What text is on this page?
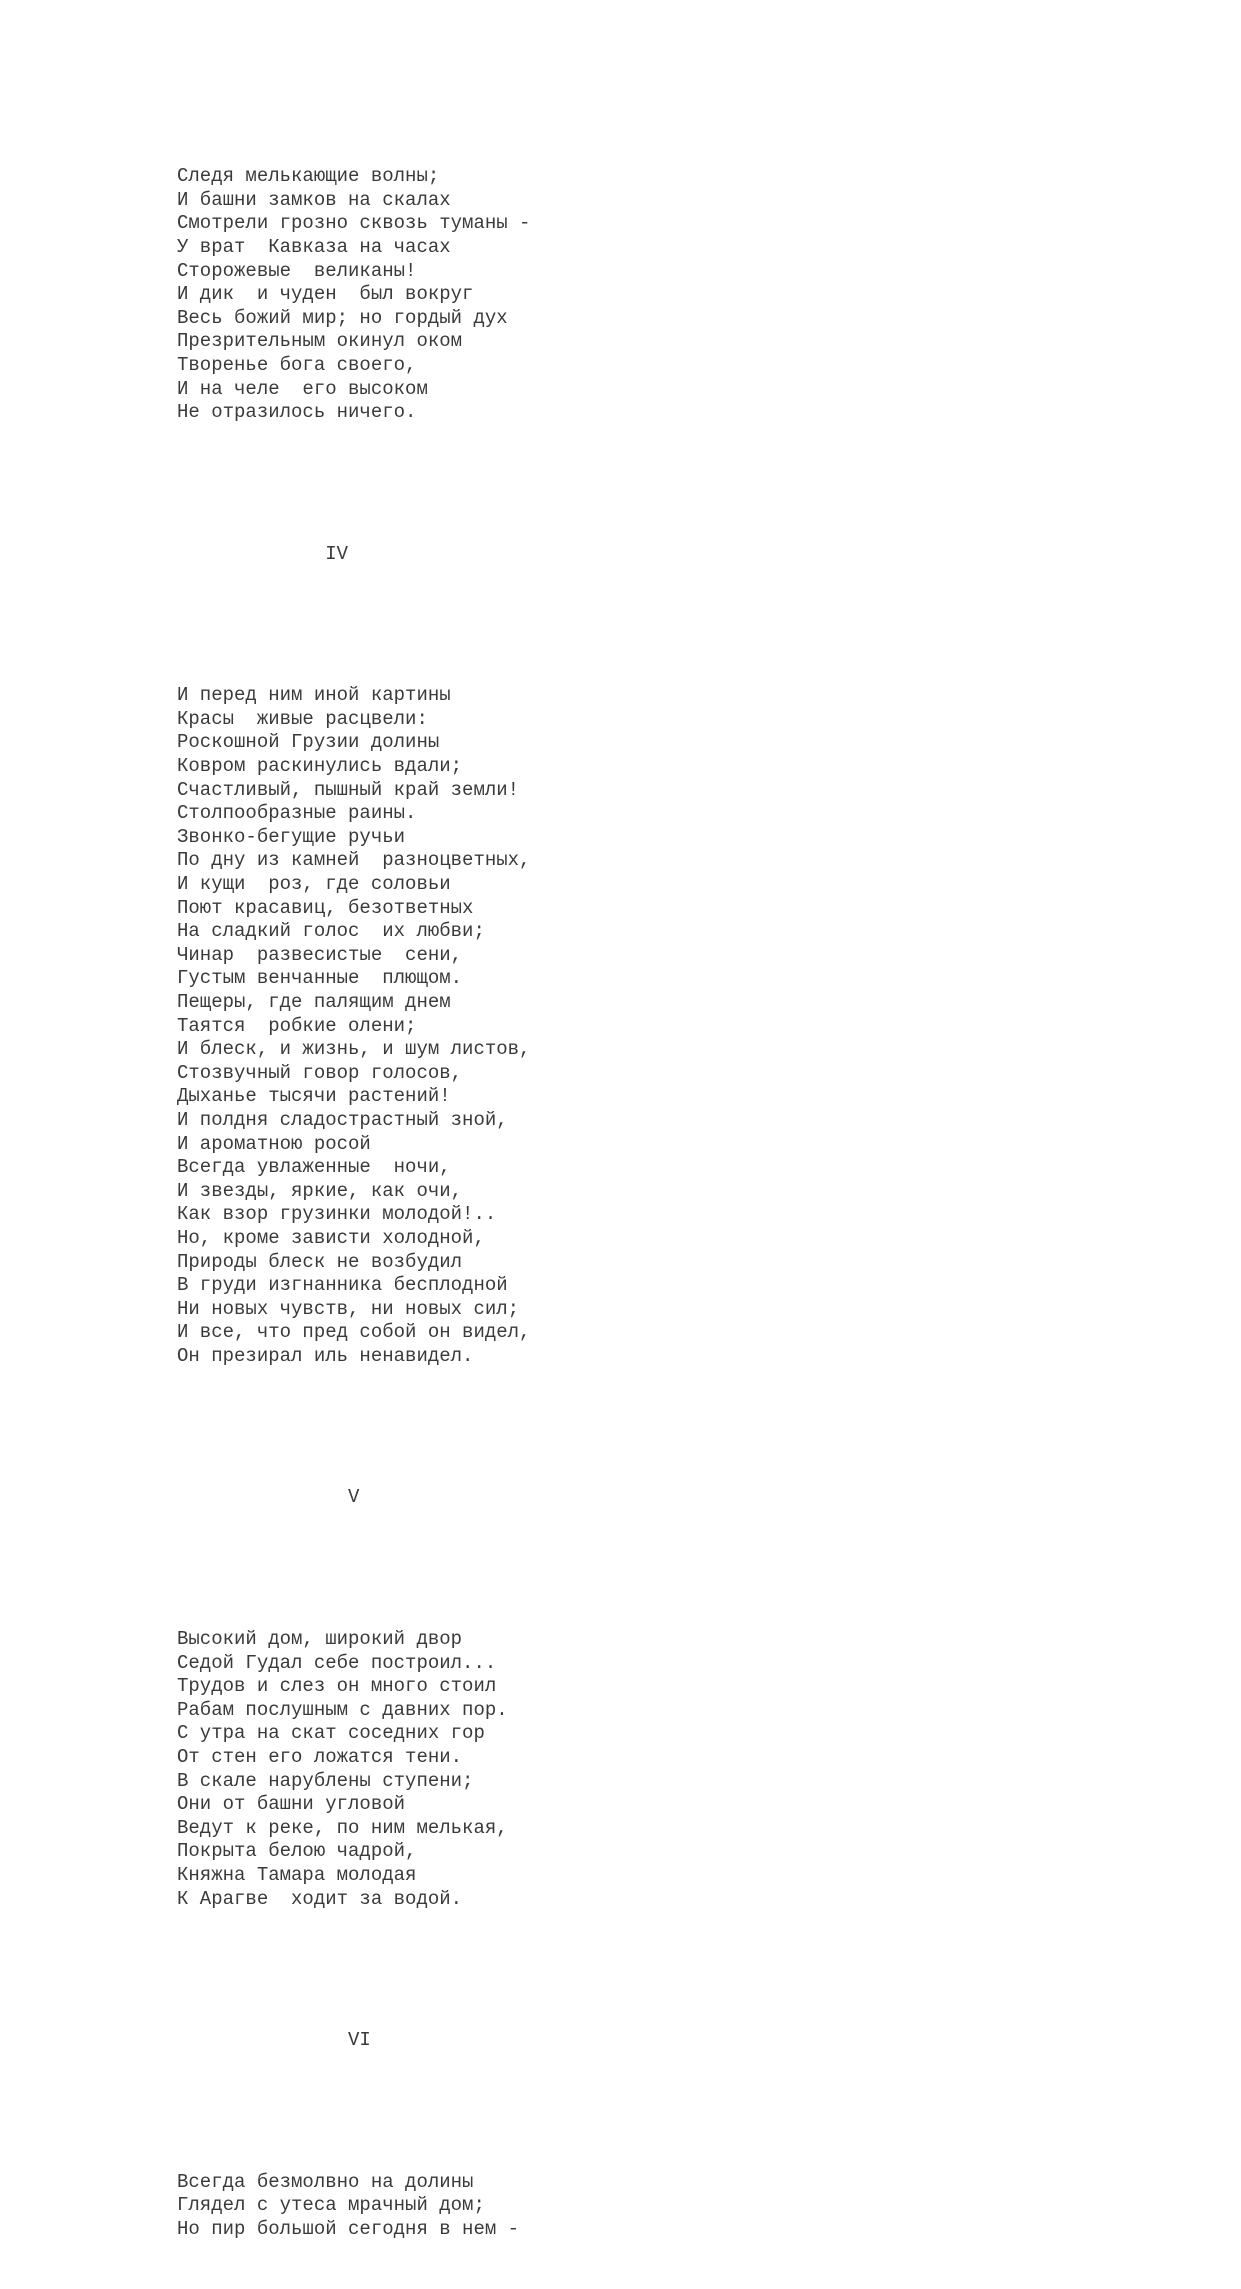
Следя мелькающие волны;
И башни замков на скалах
Смотрели грозно сквозь туманы -
У врат  Кавказа на часах
Сторожевые  великаны!
И дик  и чуден  был вокруг
Весь божий мир; но гордый дух
Презрительным окинул оком
Творенье бога своего,
И на челе  его высоком
Не отразилось ничего.

IV

И перед ним иной картины
Красы  живые расцвели:
Роскошной Грузии долины
Ковром раскинулись вдали;
Счастливый, пышный край земли!
Столпообразные раины.
Звонко-бегущие ручьи
По дну из камней  разноцветных,
И кущи  роз, где соловьи
Поют красавиц, безответных
На сладкий голос  их любви;
Чинар  развесистые  сени,
Густым венчанные  плющом.
Пещеры, где палящим днем
Таятся  робкие олени;
И блеск, и жизнь, и шум листов,
Стозвучный говор голосов,
Дыханье тысячи растений!
И полдня сладострастный зной,
И ароматною росой
Всегда увлаженные  ночи,
И звезды, яркие, как очи,
Как взор грузинки молодой!..
Но, кроме зависти холодной,
Природы блеск не возбудил
В груди изгнанника бесплодной
Ни новых чувств, ни новых сил;
И все, что пред собой он видел,
Он презирал иль ненавидел.

V

Высокий дом, широкий двор
Седой Гудал себе построил...
Трудов и слез он много стоил
Рабам послушным с давних пор.
С утра на скат соседних гор
От стен его ложатся тени.
В скале нарублены ступени;
Они от башни угловой
Ведут к реке, по ним мелькая,
Покрыта белою чадрой,
Княжна Тамара молодая
К Арагве  ходит за водой.

VI

Всегда безмолвно на долины
Глядел с утеса мрачный дом;
Но пир большой сегодня в нем -
